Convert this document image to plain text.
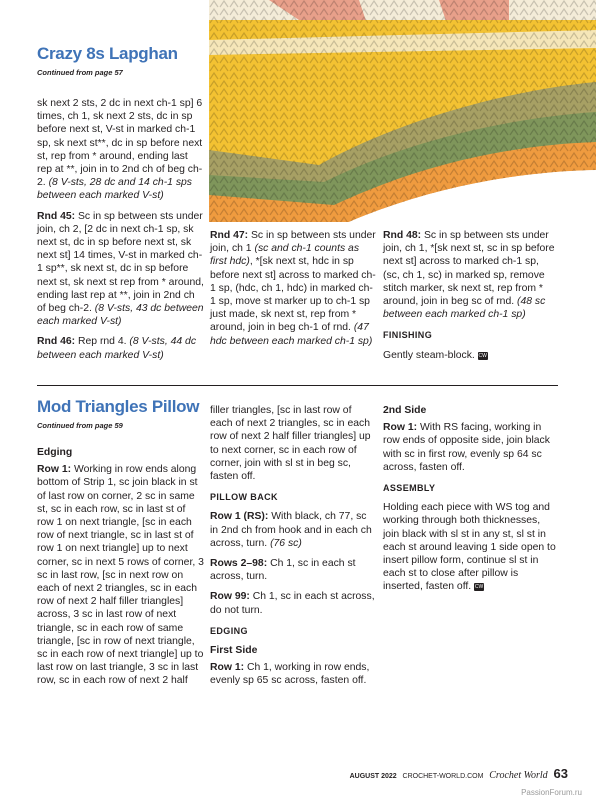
Crazy 8s Lapghan

Continued from page 57

sk next 2 sts, 2 dc in next ch-1 sp] 6 times, ch 1, sk next 2 sts, dc in sp before next st, V-st in marked ch-1 sp, sk next st**, dc in sp before next st, rep from * around, ending last rep at **, join in to 2nd ch of beg ch-2. (8 V-sts, 28 dc and 14 ch-1 sps between each marked V-st)

Rnd 45: Sc in sp between sts under join, ch 2, [2 dc in next ch-1 sp, sk next st, dc in sp before next st, sk next st] 14 times, V-st in marked ch-1 sp**, sk next st, dc in sp before next st, sk next st rep from * around, ending last rep at **, join in 2nd ch of beg ch-2. (8 V-sts, 43 dc between each marked V-st)

Rnd 46: Rep rnd 4. (8 V-sts, 44 dc between each marked V-st)

Rnd 47: Sc in sp between sts under join, ch 1 (sc and ch-1 counts as first hdc), *[sk next st, hdc in sp before next st] across to marked ch-1 sp, (hdc, ch 1, hdc) in marked ch-1 sp, move st marker up to ch-1 sp just made, sk next st, rep from * around, join in beg ch-1 of rnd. (47 hdc between each marked ch-1 sp)

Rnd 48: Sc in sp between sts under join, ch 1, *[sk next st, sc in sp before next st] across to marked ch-1 sp, (sc, ch 1, sc) in marked sp, remove stitch marker, sk next st, rep from * around, join in beg sc of rnd. (48 sc between each marked ch-1 sp)

FINISHING

Gently steam-block. CW

Mod Triangles Pillow

Continued from page 59

Edging

Row 1: Working in row ends along bottom of Strip 1, sc join black in st of last row on corner, 2 sc in same st, sc in each row, sc in last st of row 1 on next triangle, [sc in each row of next triangle, sc in last st of row 1 on next triangle] up to next corner, sc in next 5 rows of corner, 3 sc in last row, [sc in next row on each of next 2 triangles, sc in each row of next 2 half filler triangles] across, 3 sc in last row of next triangle, sc in each row of same triangle, [sc in row of next triangle, sc in each row of next triangle] up to last row on last triangle, 3 sc in last row, sc in each row of next 2 half

filler triangles, [sc in last row of each of next 2 triangles, sc in each row of next 2 half filler triangles] up to next corner, sc in each row of corner, join with sl st in beg sc, fasten off.

PILLOW BACK

Row 1 (RS): With black, ch 77, sc in 2nd ch from hook and in each ch across, turn. (76 sc)

Rows 2–98: Ch 1, sc in each st across, turn.

Row 99: Ch 1, sc in each st across, do not turn.

EDGING
First Side

Row 1: Ch 1, working in row ends, evenly sp 65 sc across, fasten off.

2nd Side

Row 1: With RS facing, working in row ends of opposite side, join black with sc in first row, evenly sp 64 sc across, fasten off.

ASSEMBLY

Holding each piece with WS tog and working through both thicknesses, join black with sl st in any st, sl st in each st around leaving 1 side open to insert pillow form, continue sl st in each st to close after pillow is inserted, fasten off. CW

AUGUST 2022 CROCHET-WORLD.COM Crochet World 63
PassionForum.ru
